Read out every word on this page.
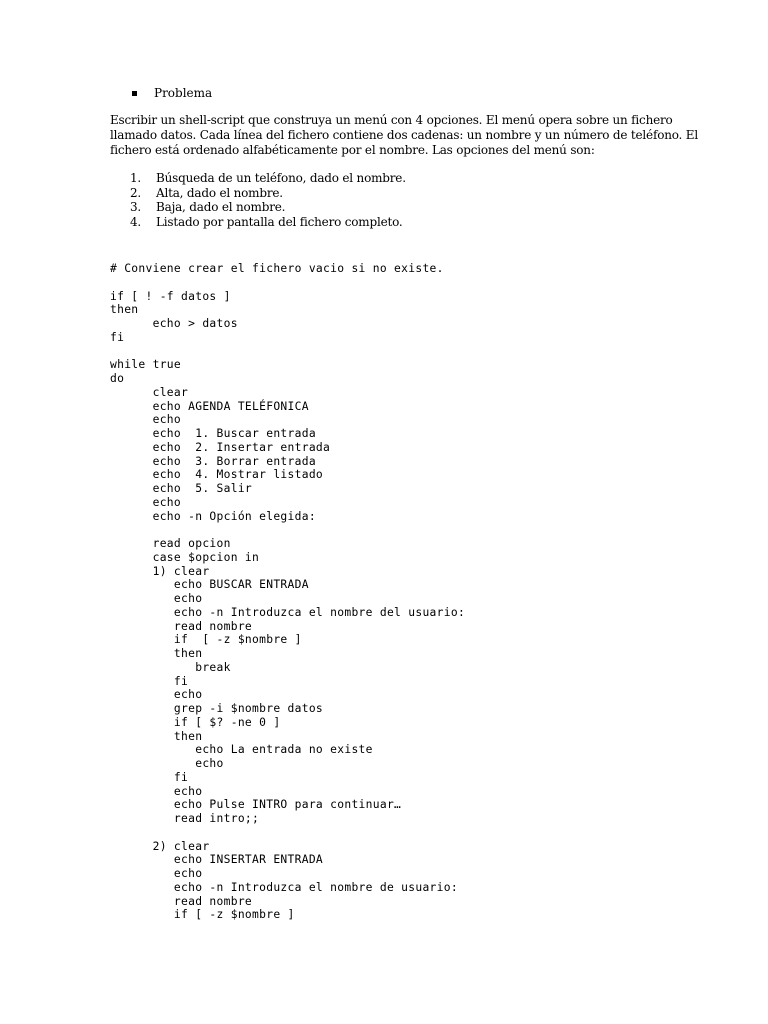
Problema

Escribir un shell-script que construya un menú con 4 opciones. El menú opera sobre un fichero

llamado datos. Cada línea del fichero contiene dos cadenas: un nombre y un número de teléfono. El

fichero está ordenado alfabéticamente por el nombre. Las opciones del menú son:

1.	Búsqueda de un teléfono, dado el nombre.
2.	Alta, dado el nombre.
3.	Baja, dado el nombre.
4.	Listado por pantalla del fichero completo.
# Conviene crear el fichero vacio si no existe.
if [ ! -f datos ]
then
echo > datos
fi
while true
do
clear
echo AGENDA TELÉFONICA
echo
echo  1. Buscar entrada
echo  2. Insertar entrada
echo  3. Borrar entrada
echo  4. Mostrar listado
echo  5. Salir
echo
echo -n Opción elegida:
read opcion
case $opcion in
1) clear
echo BUSCAR ENTRADA
echo
echo -n Introduzca el nombre del usuario:
read nombre
if  [ -z $nombre ]
then
break
fi
echo
grep -i $nombre datos
if [ $? -ne 0 ]
then
echo La entrada no existe
echo
fi
echo
echo Pulse INTRO para continuar…
read intro;;
2) clear
echo INSERTAR ENTRADA
echo
echo -n Introduzca el nombre de usuario:
read nombre
if [ -z $nombre ]
